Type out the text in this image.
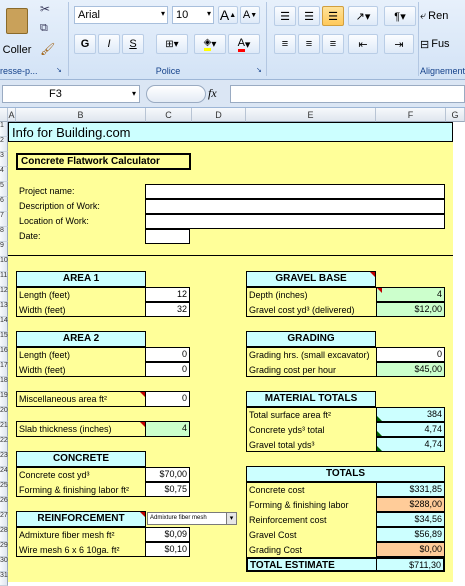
Coller
✂
⧉
🖌
resse-p...	↘
Arial	▾ 10 ▾ A ▲ A ▼
G I S	⊞▾ ◈ ▾	A ▾
Police	↘
☰ ☰ ☰ ↗▾ ¶▾
≡ ≡ ≡ ⇤ ⇥
⤶ Ren
⊟ Fus
Alignement
F3	▾	fx
A	B	C	D	E	F	G
1
2
3
4
5
6
7
8
9
10
11
12
13
14
15
16
17
18
19
20
21
22
23
24
25
26
27
28
29
30
31
Info for Building.com
Concrete Flatwork Calculator
Project name:
Description of Work:
Location of Work:
Date:
AREA 1
Length (feet)	12
Width (feet)	32
AREA 2
Length (feet)	0
Width (feet)	0
Miscellaneous area ft²	0
Slab thickness (inches)	4
CONCRETE
Concrete cost yd³	$70,00
Forming & finishing labor ft²	$0,75
REINFORCEMENT	Admixture fiber mesh	▾
Admixture fiber mesh ft²	$0,09
Wire mesh 6 x 6 10ga. ft²	$0,10
GRAVEL BASE
Depth (inches)	4
Gravel cost yd³ (delivered)	$12,00
GRADING
Grading hrs. (small excavator)	0
Grading cost per hour	$45,00
MATERIAL TOTALS
Total surface area ft²	384
Concrete yds³ total	4,74
Gravel total yds³	4,74
TOTALS
Concrete cost	$331,85
Forming & finishing labor	$288,00
Reinforcement cost	$34,56
Gravel Cost	$56,89
Grading Cost	$0,00
TOTAL ESTIMATE	$711,30
